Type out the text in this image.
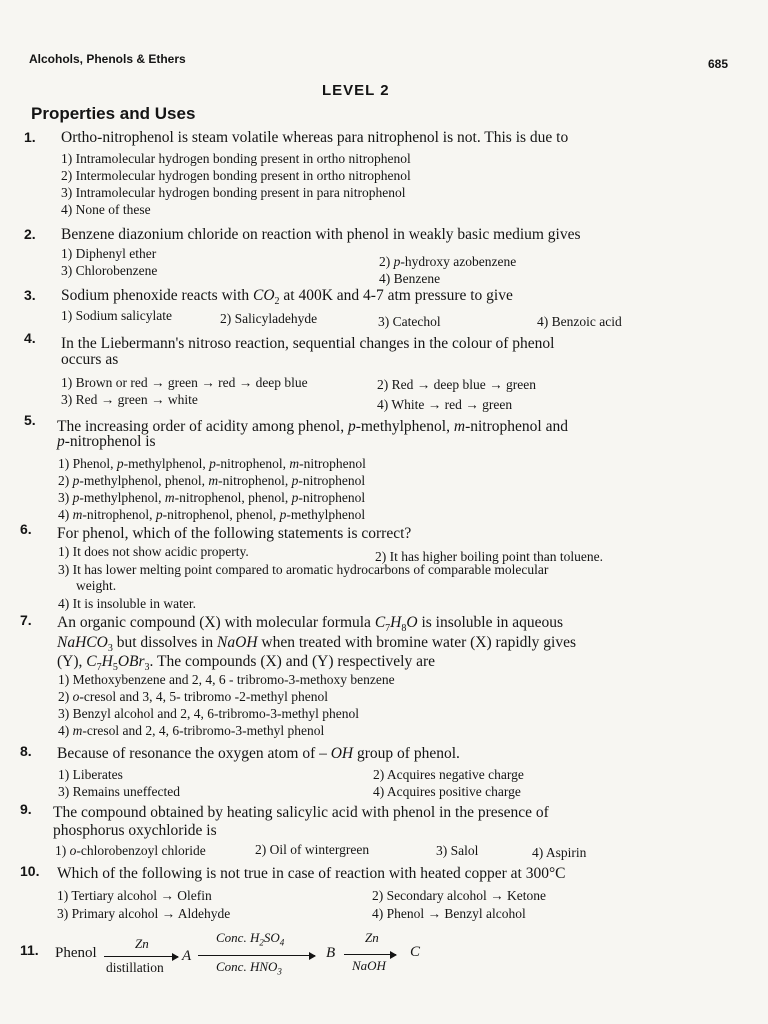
Alcohols, Phenols & Ethers	685
LEVEL 2
Properties and Uses
1. Ortho-nitrophenol is steam volatile whereas para nitrophenol is not. This is due to
1) Intramolecular hydrogen bonding present in ortho nitrophenol
2) Intermolecular hydrogen bonding present in ortho nitrophenol
3) Intramolecular hydrogen bonding present in para nitrophenol
4) None of these
2. Benzene diazonium chloride on reaction with phenol in weakly basic medium gives
1) Diphenyl ether
2) p-hydroxy azobenzene
3) Chlorobenzene
4) Benzene
3. Sodium phenoxide reacts with $CO_2$ at 400K and 4-7 atm pressure to give
1) Sodium salicylate	2) Salicyladehyde	3) Catechol	4) Benzoic acid
4. In the Liebermann's nitroso reaction, sequential changes in the colour of phenol
occurs as
1) Brown or red → green → red → deep blue	2) Red → deep blue → green
3) Red → green → white	4) White → red → green
5. The increasing order of acidity among phenol, p-methylphenol, m-nitrophenol and
p-nitrophenol is
1) Phenol, p-methylphenol, p-nitrophenol, m-nitrophenol
2) p-methylphenol, phenol, m-nitrophenol, p-nitrophenol
3) p-methylphenol, m-nitrophenol, phenol, p-nitrophenol
4) m-nitrophenol, p-nitrophenol, phenol, p-methylphenol
6. For phenol, which of the following statements is correct?
1) It does not show acidic property.	2) It has higher boiling point than toluene.
3) It has lower melting point compared to aromatic hydrocarbons of comparable molecular
weight.
4) It is insoluble in water.
7. An organic compound (X) with molecular formula $C_7H_8O$ is insoluble in aqueous
NaHCO$_3$ but dissolves in NaOH when treated with bromine water (X) rapidly gives
(Y), $C_7H_5OBr_3$. The compounds (X) and (Y) respectively are
1) Methoxybenzene and 2, 4, 6 - tribromo-3-methoxy benzene
2) o-cresol and 3, 4, 5- tribromo -2-methyl phenol
3) Benzyl alcohol and 2, 4, 6-tribromo-3-methyl phenol
4) m-cresol and 2, 4, 6-tribromo-3-methyl phenol
8. Because of resonance the oxygen atom of – OH group of phenol.
1) Liberates	2) Acquires negative charge
3) Remains uneffected	4) Acquires positive charge
9. The compound obtained by heating salicylic acid with phenol in the presence of
phosphorus oxychloride is
1) o-chlorobenzoyl chloride	2) Oil of wintergreen	3) Salol	4) Aspirin
10. Which of the following is not true in case of reaction with heated copper at 300°C
1) Tertiary alcohol → Olefin	2) Secondary alcohol → Ketone
3) Primary alcohol → Aldehyde	4) Phenol → Benzyl alcohol
11. Phenol
Zn
distillation
A
Conc. $H_2SO_4$
Conc. $HNO_3$
B
Zn
NaOH
C
